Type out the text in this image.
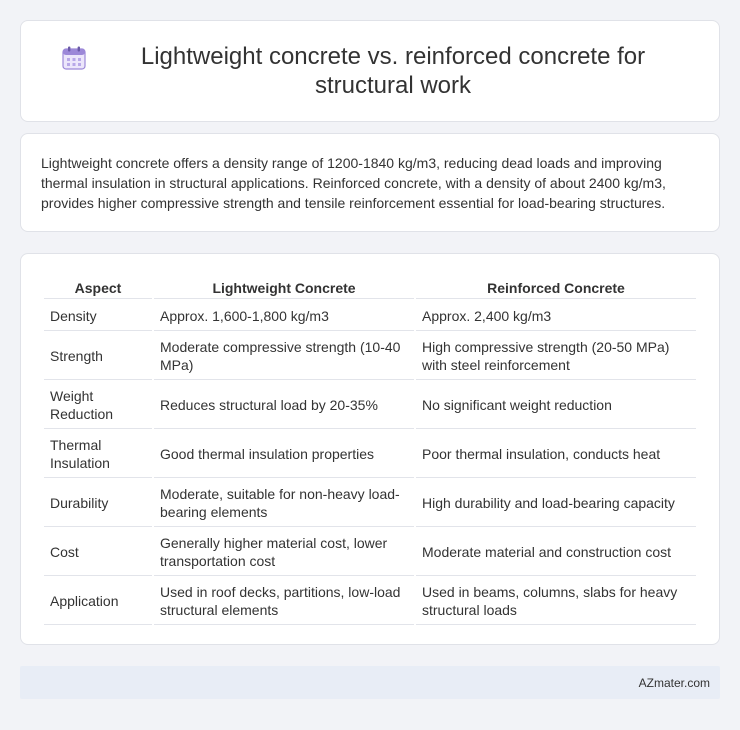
Lightweight concrete vs. reinforced concrete for structural work

Lightweight concrete offers a density range of 1200-1840 kg/m3, reducing dead loads and improving thermal insulation in structural applications. Reinforced concrete, with a density of about 2400 kg/m3, provides higher compressive strength and tensile reinforcement essential for load-bearing structures.

Aspect	Lightweight Concrete	Reinforced Concrete
Density	Approx. 1,600-1,800 kg/m3	Approx. 2,400 kg/m3
Strength	Moderate compressive strength (10-40 MPa)	High compressive strength (20-50 MPa) with steel reinforcement
Weight Reduction	Reduces structural load by 20-35%	No significant weight reduction
Thermal Insulation	Good thermal insulation properties	Poor thermal insulation, conducts heat
Durability	Moderate, suitable for non-heavy load-bearing elements	High durability and load-bearing capacity
Cost	Generally higher material cost, lower transportation cost	Moderate material and construction cost
Application	Used in roof decks, partitions, low-load structural elements	Used in beams, columns, slabs for heavy structural loads
AZmater.com
